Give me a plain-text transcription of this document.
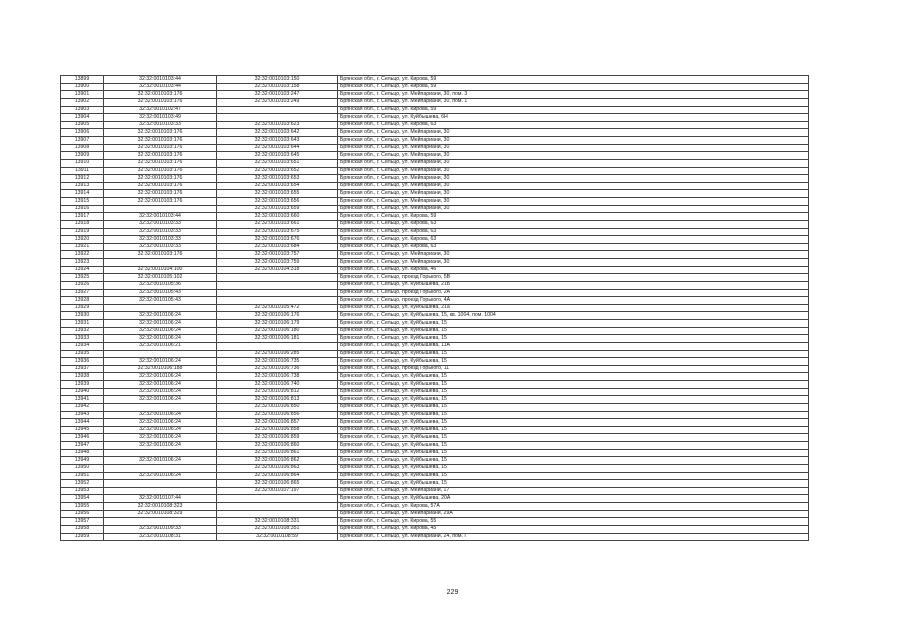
13899	32:32:0010103:44	32:32:0010103:150	Брянская обл., г. Сельцо, ул. Кирова, 59
13900	32:32:0010103:44	32:32:0010103:158	Брянская обл., г. Сельцо, ул. Кирова, 59
13901	32:32:0010103:176	32:32:0010103:247	Брянская обл., г. Сельцо, ул. Мейпариани, 30, пом. 3
13902	32:32:0010103:176	32:32:0010103:249	Брянская обл., г. Сельцо, ул. Мейпариани, 30, пом. 1
13903	32:32:0010102:47		Брянская обл., г. Сельцо, ул. Кирова, 59
13904	32:32:0010103:49		Брянская обл., г. Сельцо, ул. Куйбышева, 6Н
13905	32:32:0010103:33	32:32:0010103:623	Брянская обл., г. Сельцо, ул. Кирова, 63
13906	32:32:0010103:176	32:32:0010103:642	Брянская обл., г. Сельцо, ул. Мейпариани, 30
13907	32:32:0010103:176	32:32:0010103:643	Брянская обл., г. Сельцо, ул. Мейпариани, 30
13908	32:32:0010103:176	32:32:0010103:644	Брянская обл., г. Сельцо, ул. Мейпариани, 30
13909	32:32:0010103:176	32:32:0010103:645	Брянская обл., г. Сельцо, ул. Мейпариани, 30
13910	32:32:0010103:176	32:32:0010103:651	Брянская обл., г. Сельцо, ул. Мейпариани, 30
13911	32:32:0010103:176	32:32:0010103:652	Брянская обл., г. Сельцо, ул. Мейпариани, 30
13912	32:32:0010103:176	32:32:0010103:653	Брянская обл., г. Сельцо, ул. Мейпариани, 30
13913	32:32:0010103:176	32:32:0010103:654	Брянская обл., г. Сельцо, ул. Мейпариани, 30
13914	32:32:0010103:176	32:32:0010103:655	Брянская обл., г. Сельцо, ул. Мейпариани, 30
13915	32:32:0010103:176	32:32:0010103:656	Брянская обл., г. Сельцо, ул. Мейпариани, 30
13916		32:32:0010103:659	Брянская обл., г. Сельцо, ул. Мейпариани, 30
13917	32:32:0010103:44	32:32:0010103:660	Брянская обл., г. Сельцо, ул. Кирова, 59
13918	32:32:0010103:33	32:32:0010103:661	Брянская обл., г. Сельцо, ул. Кирова, 63
13919	32:32:0010103:33	32:32:0010103:675	Брянская обл., г. Сельцо, ул. Кирова, 63
13920	32:32:0010103:33	32:32:0010103:676	Брянская обл., г. Сельцо, ул. Кирова, 63
13921	32:32:0010103:33	32:32:0010103:684	Брянская обл., г. Сельцо, ул. Кирова, 63
13922	32:32:0010103:176	32:32:0010103:757	Брянская обл., г. Сельцо, ул. Мейпариани, 30
13923		32:32:0010103:759	Брянская обл., г. Сельцо, ул. Мейпариани, 30
13924	32:32:0010104:100	32:32:0010104:318	Брянская обл., г. Сельцо, ул. Кирова, 46
13925	32:32:0010105:102		Брянская обл., г. Сельцо, проезд Горького, 5В
13926	32:32:0010105:36		Брянская обл., г. Сельцо, ул. Куйбышева, 21Б
13927	32:32:0010105:43		Брянская обл., г. Сельцо, проезд Горького, 2А
13928	32:32:0010105:43		Брянская обл., г. Сельцо, проезд Горького, 4А
13929		32:32:0010105:472	Брянская обл., г. Сельцо, ул. Куйбышева, 21а
13930	32:32:0010106:24	32:32:0010106:176	Брянская обл., г. Сельцо, ул. Куйбышева, 15, кв. 1004, пом. 1004
13931	32:32:0010106:24	32:32:0010106:179	Брянская обл., г. Сельцо, ул. Куйбышева, 15
13932	32:32:0010106:24	32:32:0010106:180	Брянская обл., г. Сельцо, ул. Куйбышева, 15
13933	32:32:0010106:24	32:32:0010106:181	Брянская обл., г. Сельцо, ул. Куйбышева, 15
13934	32:32:0010106:21		Брянская обл., г. Сельцо, ул. Куйбышева, 11А
13935		32:32:0010106:285	Брянская обл., г. Сельцо, ул. Куйбышева, 15
13936	32:32:0010106:24	32:32:0010106:735	Брянская обл., г. Сельцо, ул. Куйбышева, 15
13937	32:32:0010106:188	32:32:0010106:736	Брянская обл., г. Сельцо, проезд Горького, 11
13938	32:32:0010106:24	32:32:0010106:738	Брянская обл., г. Сельцо, ул. Куйбышева, 15
13939	32:32:0010106:24	32:32:0010106:740	Брянская обл., г. Сельцо, ул. Куйбышева, 15
13940	32:32:0010106:24	32:32:0010106:812	Брянская обл., г. Сельцо, ул. Куйбышева, 15
13941	32:32:0010106:24	32:32:0010106:813	Брянская обл., г. Сельцо, ул. Куйбышева, 15
13942		32:32:0010106:850	Брянская обл., г. Сельцо, ул. Куйбышева, 15
13943	32:32:0010106:24	32:32:0010106:856	Брянская обл., г. Сельцо, ул. Куйбышева, 15
13944	32:32:0010106:24	32:32:0010106:857	Брянская обл., г. Сельцо, ул. Куйбышева, 15
13945	32:32:0010106:24	32:32:0010106:858	Брянская обл., г. Сельцо, ул. Куйбышева, 15
13946	32:32:0010106:24	32:32:0010106:859	Брянская обл., г. Сельцо, ул. Куйбышева, 15
13947	32:32:0010106:24	32:32:0010106:860	Брянская обл., г. Сельцо, ул. Куйбышева, 15
13948		32:32:0010106:861	Брянская обл., г. Сельцо, ул. Куйбышева, 15
13949	32:32:0010106:24	32:32:0010106:862	Брянская обл., г. Сельцо, ул. Куйбышева, 15
13950		32:32:0010106:863	Брянская обл., г. Сельцо, ул. Куйбышева, 15
13951	32:32:0010106:24	32:32:0010106:864	Брянская обл., г. Сельцо, ул. Куйбышева, 15
13952		32:32:0010106:865	Брянская обл., г. Сельцо, ул. Куйбышева, 15
13953		32:32:0010107:197	Брянская обл., г. Сельцо, ул. Мейпариани, 17
13954	32:32:0010107:44		Брянская обл., г. Сельцо, ул. Куйбышева, 20А
13955	32:32:0010108:323		Брянская обл., г. Сельцо, ул. Кирова, 57А
13956	32:32:0010108:329		Брянская обл., г. Сельцо, ул. Мейпариани, 29А
13957		32:32:0010108:331	Брянская обл., г. Сельцо, ул. Кирова, 55
13958	32:32:0010109:33	32:32:0010108:351	Брянская обл., г. Сельцо, ул. Кирова, 45
13959	32:32:0010108:31	32:32:0010108:59	Брянская обл., г. Сельцо, ул. Мейпариани, 24, пом. I
229
